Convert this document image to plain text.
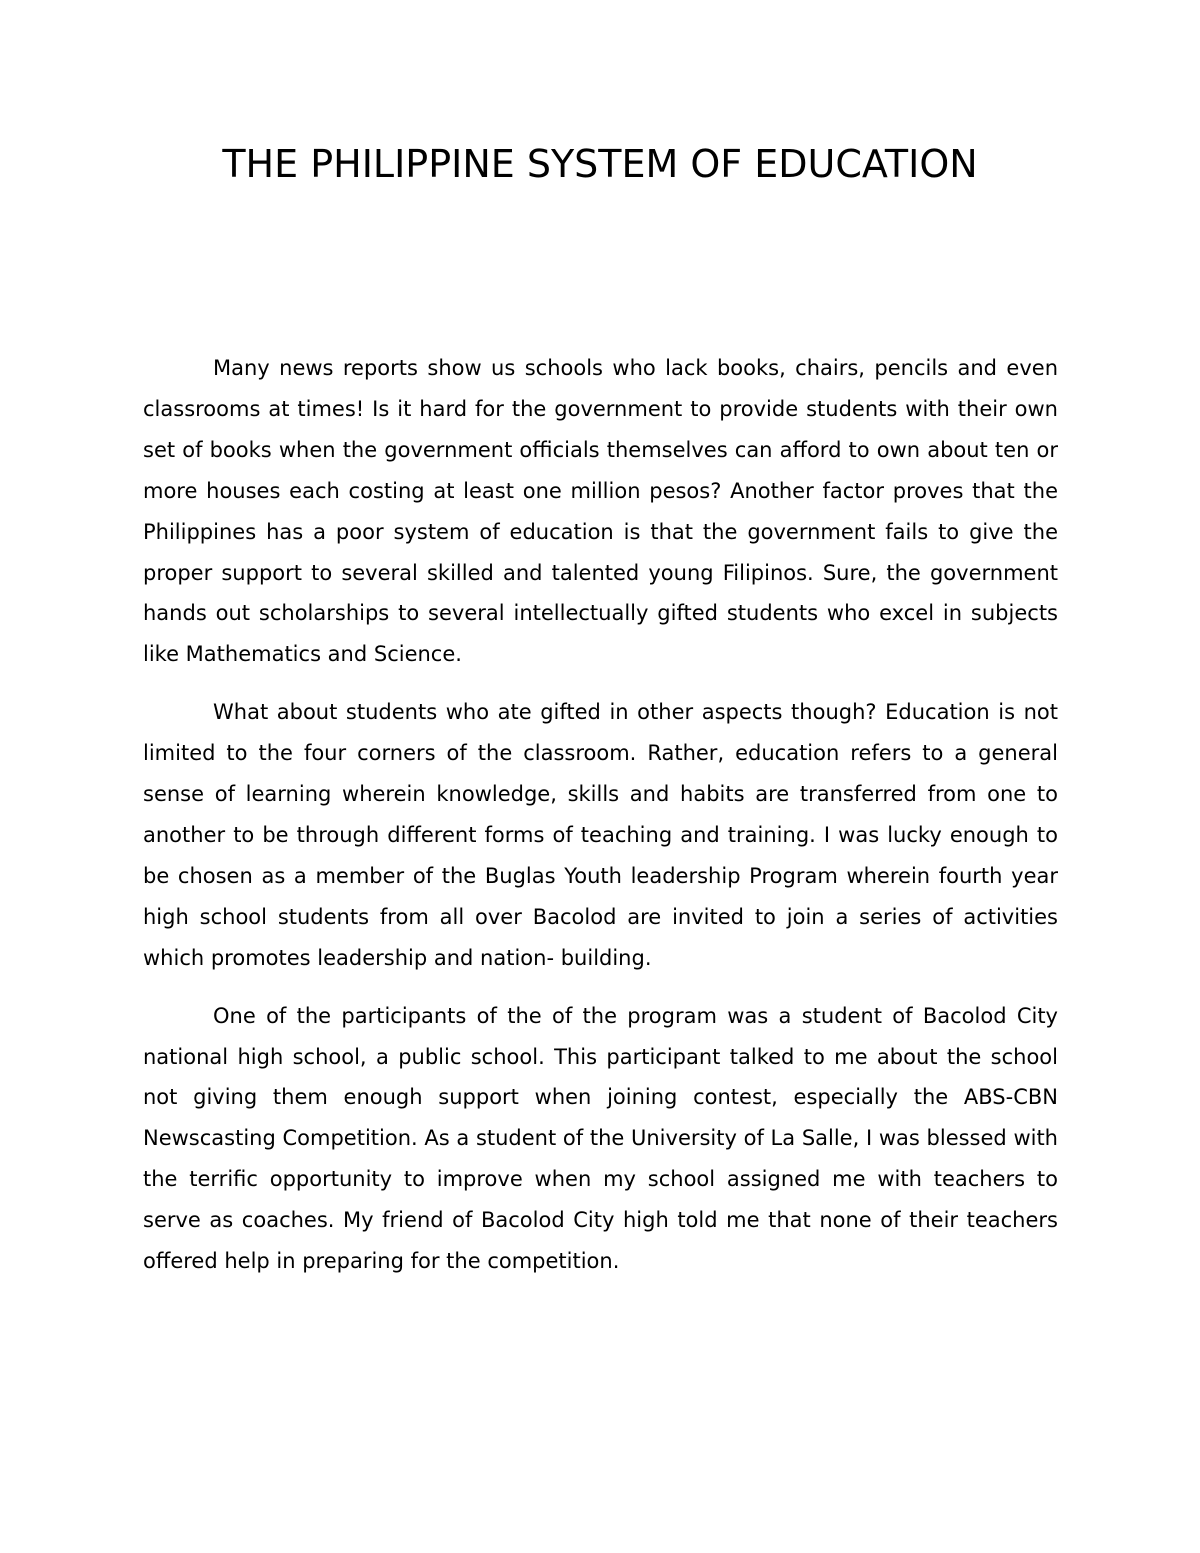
THE PHILIPPINE SYSTEM OF EDUCATION

Many news reports show us schools who lack books, chairs, pencils and even classrooms at times! Is it hard for the government to provide students with their own set of books when the government officials themselves can afford to own about ten or more houses each costing at least one million pesos? Another factor proves that the Philippines has a poor system of education is that the government fails to give the proper support to several skilled and talented young Filipinos. Sure, the government hands out scholarships to several intellectually gifted students who excel in subjects like Mathematics and Science.

What about students who ate gifted in other aspects though? Education is not limited to the four corners of the classroom. Rather, education refers to a general sense of learning wherein knowledge, skills and habits are transferred from one to another to be through different forms of teaching and training. I was lucky enough to be chosen as a member of the Buglas Youth leadership Program wherein fourth year high school students from all over Bacolod are invited to join a series of activities which promotes leadership and nation- building.

One of the participants of the of the program was a student of Bacolod City national high school, a public school. This participant talked to me about the school not giving them enough support when joining contest, especially the ABS-CBN Newscasting Competition. As a student of the University of La Salle, I was blessed with the terrific opportunity to improve when my school assigned me with teachers to serve as coaches. My friend of Bacolod City high told me that none of their teachers offered help in preparing for the competition.
